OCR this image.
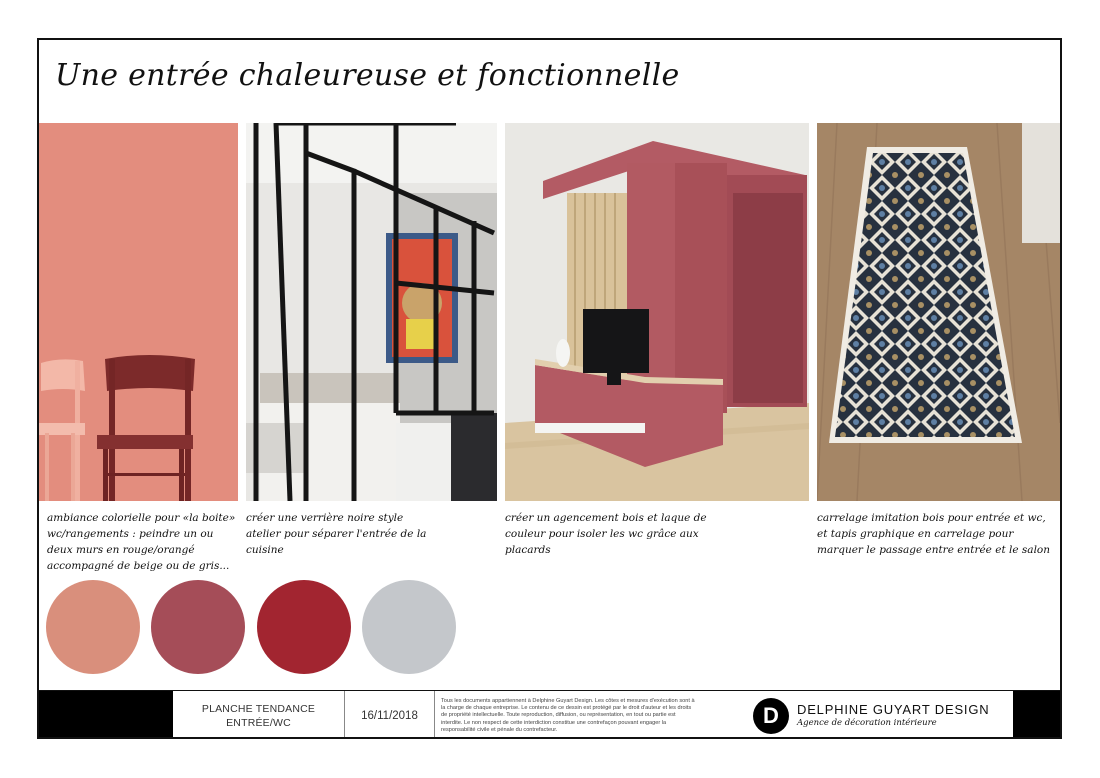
Une entrée chaleureuse et fonctionnelle
ambiance colorielle pour «la boite» wc/rangements : peindre un ou deux murs en rouge/orangé accompagné de beige ou de gris...
créer une verrière noire style atelier pour séparer l'entrée de la cuisine
créer un agencement bois et laque de couleur pour isoler les wc grâce aux placards
carrelage imitation bois pour entrée et wc, et tapis graphique en carrelage pour marquer le passage entre entrée et le salon
PLANCHE TENDANCE
ENTRÉE/WC
16/11/2018
Tous les documents appartiennent à Delphine Guyart Design. Les côtes et mesures d'exécution sont à la charge de chaque entreprise. Le contenu de ce dessin est protégé par le droit d'auteur et les droits de propriété intellectuelle. Toute reproduction, diffusion, ou représentation, en tout ou partie est interdite. Le non respect de cette interdiction constitue une contrefaçon pouvant engager la responsabilité civile et pénale du contrefacteur.
D	DELPHINE GUYART DESIGN
Agence de décoration intérieure
